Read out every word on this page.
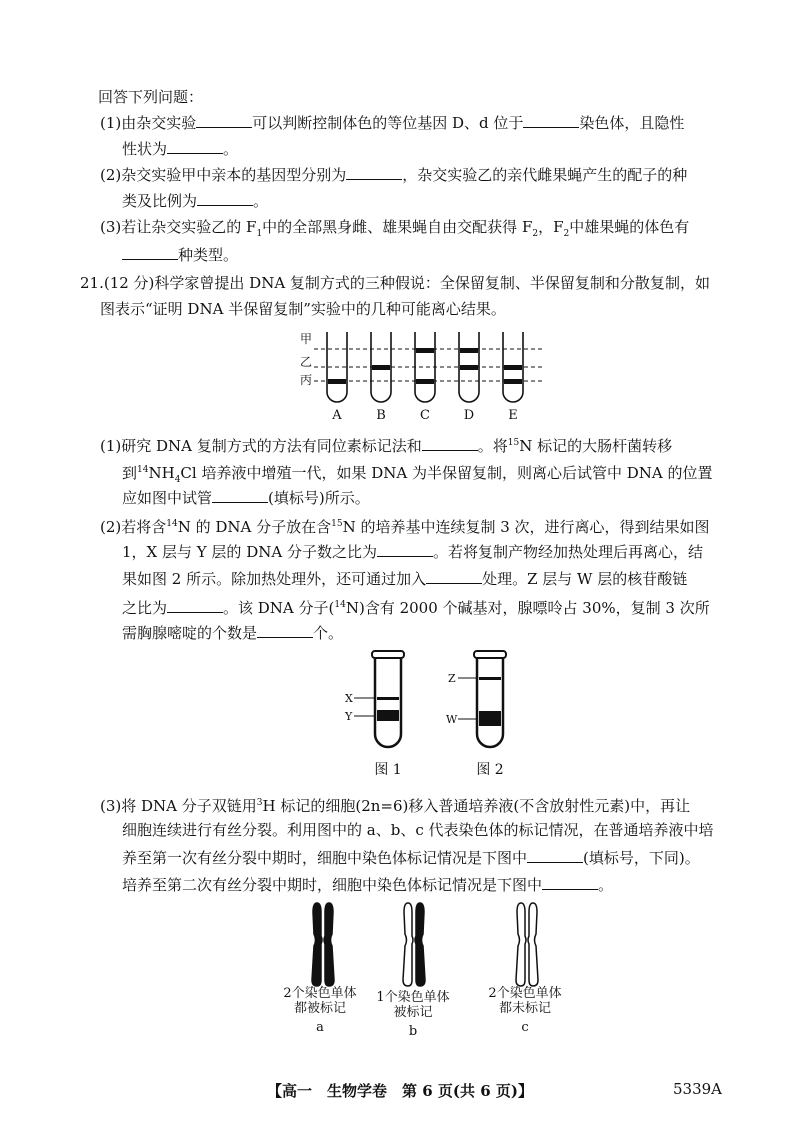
回答下列问题：
(1)由杂交实验	可以判断控制体色的等位基因 D、d 位于	染色体，且隐性
性状为	。
(2)杂交实验甲中亲本的基因型分别为	，杂交实验乙的亲代雌果蝇产生的配子的种
类及比例为	。
(3)若让杂交实验乙的 $F_1$中的全部黑身雌、雄果蝇自由交配获得 $F_2$，$F_2$中雄果蝇的体色有
种类型。
21.(12 分)科学家曾提出 DNA 复制方式的三种假说：全保留复制、半保留复制和分散复制，如
图表示“证明 DNA 半保留复制”实验中的几种可能离心结果。
甲
乙
丙
A	B	C	D	E
(1)研究 DNA 复制方式的方法有同位素标记法和	。将$^{15}$N 标记的大肠杆菌转移
到$^{14}NH_4Cl$ 培养液中增殖一代，如果 DNA 为半保留复制，则离心后试管中 DNA 的位置
应如图中试管	(填标号)所示。
(2)若将含$^{14}$N 的 DNA 分子放在含$^{15}$N 的培养基中连续复制 3 次，进行离心，得到结果如图
1，X 层与 Y 层的 DNA 分子数之比为	。若将复制产物经加热处理后再离心，结
果如图 2 所示。除加热处理外，还可通过加入	处理。Z 层与 W 层的核苷酸链
之比为	。该 DNA 分子($^{14}$N)含有 2000 个碱基对，腺嘌呤占 30%，复制 3 次所
需胸腺嘧啶的个数是	个。
X
Y
Z
W
图 1	图 2
(3)将 DNA 分子双链用$^3$H 标记的细胞(2n=6)移入普通培养液(不含放射性元素)中，再让
细胞连续进行有丝分裂。利用图中的 a、b、c 代表染色体的标记情况，在普通培养液中培
养至第一次有丝分裂中期时，细胞中染色体标记情况是下图中	(填标号，下同)。
培养至第二次有丝分裂中期时，细胞中染色体标记情况是下图中	。
2个染色单体
都被标记
a
1个染色单体
被标记
b
2个染色单体
都未标记
c
【高一　生物学卷　第 6 页(共 6 页)】	5339A
